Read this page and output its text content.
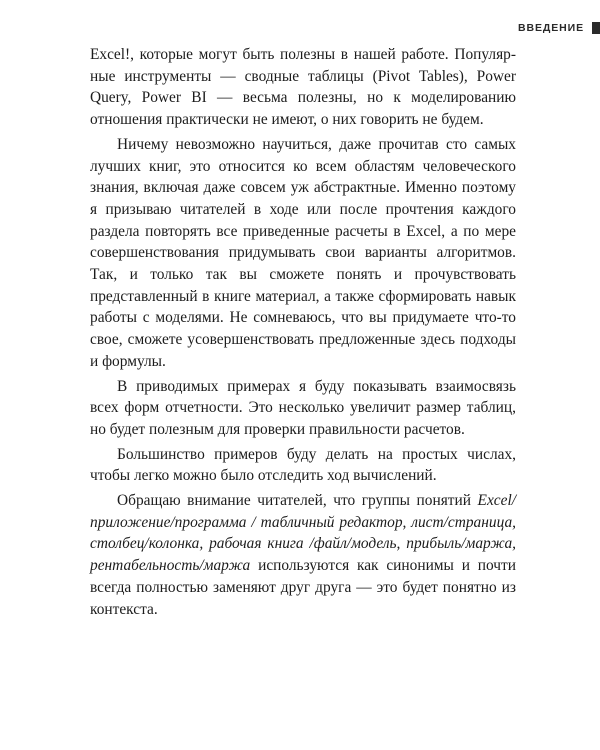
ВВЕДЕНИЕ

Excel!, которые могут быть полезны в нашей работе. Популярные инструменты — сводные таблицы (Pivot Tables), Power Query, Power BI — весьма полезны, но к моделированию отношения практически не имеют, о них говорить не будем.

Ничему невозможно научиться, даже прочитав сто самых лучших книг, это относится ко всем областям человеческого знания, включая даже совсем уж абстрактные. Именно поэтому я призываю читателей в ходе или после прочтения каждого раздела повторять все приведенные расчеты в Excel, а по мере совершенствования придумывать свои варианты алгоритмов. Так, и только так вы сможете понять и прочувствовать представленный в книге материал, а также сформировать навык работы с моделями. Не сомневаюсь, что вы придумаете что-то свое, сможете усовершенствовать предложенные здесь подходы и формулы.

В приводимых примерах я буду показывать взаимосвязь всех форм отчетности. Это несколько увеличит размер таблиц, но будет полезным для проверки правильности расчетов.

Большинство примеров буду делать на простых числах, чтобы легко можно было отследить ход вычислений.

Обращаю внимание читателей, что группы понятий Excel/приложение/программа / табличный редактор, лист/страница, столбец/колонка, рабочая книга /файл/модель, прибыль/маржа, рентабельность/маржа используются как синонимы и почти всегда полностью заменяют друг друга — это будет понятно из контекста.
